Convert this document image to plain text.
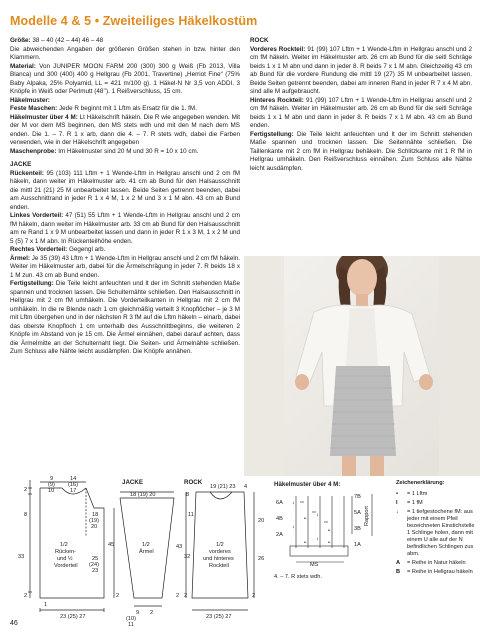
Modelle 4 & 5 • Zweiteiliges Häkelkostüm

Größe: 38 – 40 (42 – 44) 46 – 48

Die abweichenden Angaben der größeren Größen stehen in bzw. hinter den Klammern.

Material: Von JUNIPER MOON FARM 200 (300) 300 g Weiß (Fb 2013, Villa Blanca) und 300 (400) 400 g Hellgrau (Fb 2001, Travertine) „Herriot Fine“ (75% Baby Alpaka, 25% Polyamid, LL = 421 m/100 g). 1 Häkel-N Nr 3,5 von ADDI. 3 Knöpfe in Weiß oder Perlmutt (48’’). 1 Reißverschluss, 15 cm.

Häkelmuster:

Feste Maschen: Jede R beginnt mit 1 Lftm als Ersatz für die 1. fM.

Häkelmuster über 4 M: Lt Häkelschrift häkeln. Die R wie angegeben wenden. Mit der M vor dem MS beginnen, den MS stets wdh und mit den M nach dem MS enden. Die 1. – 7. R 1 x arb, dann die 4. – 7. R stets wdh, dabei die Farben verwenden, wie in der Häkelschrift angegeben

Maschenprobe: Im Häkelmuster sind 20 M und 30 R = 10 x 10 cm.

JACKE

Rückenteil: 95 (103) 111 Lftm + 1 Wende-Lftm in Hellgrau anschl und 2 cm fM häkeln, dann weiter im Häkelmuster arb. 41 cm ab Bund für den Halsausschnitt die mittl 21 (21) 25 M unbearbeitet lassen. Beide Seiten getrennt beenden, dabei am Ausschnittrand in jeder R 1 x 4 M, 1 x 2 M und 3 x 1 M abn. 43 cm ab Bund enden.

Linkes Vorderteil: 47 (51) 55 Lftm + 1 Wende-Lftm in Hellgrau anschl und 2 cm fM häkeln, dann weiter im Häkelmuster arb. 33 cm ab Bund für den Halsausschnitt am re Rand 1 x 9 M unbearbeitet lassen und dann in jeder R 1 x 3 M, 1 x 2 M und 5 (5) 7 x 1 M abn. In Rückenteilhöhe enden.

Rechtes Vorderteil: Gegengl arb.

Ärmel: Je 35 (39) 43 Lftm + 1 Wende-Lftm in Hellgrau anschl und 2 cm fM häkeln. Weiter im Häkelmuster arb, dabei für die Ärmelschrägung in jeder 7. R beids 18 x 1 M zun. 43 cm ab Bund enden.

Fertigstellung: Die Teile leicht anfeuchten und lt der im Schnitt stehenden Maße spannen und trocknen lassen. Die Schulternähte schließen. Den Halsausschnitt in Hellgrau mit 2 cm fM umhäkeln. Die Vorderteilkanten in Hellgrau mit 2 cm fM umhäkeln. In die re Blende nach 1 cm gleichmäßig verteilt 3 Knopflöcher – je 3 M mit Lftm übergehen und in der nächsten R 3 fM auf die Lftm häkeln – einarb, dabei das oberste Knopfloch 1 cm unterhalb des Ausschnittbeginns, die weiteren 2 Knöpfe im Abstand von je 15 cm. Die Ärmel einnähen, dabei darauf achten, dass die Ärmelmitte an der Schulternaht liegt. Die Seiten- und Ärmelnähte schließen. Zum Schluss alle Nähte leicht ausdämpfen. Die Knöpfe annähen.

ROCK

Vorderes Rockteil: 91 (99) 107 Lftm + 1 Wende-Lftm in Hellgrau anschl und 2 cm fM häkeln. Weiter im Häkelmuster arb. 26 cm ab Bund für die seitl Schräge beids 1 x 1 M abn und dann in jeder 8. R beids 7 x 1 M abn. Gleichzeitig 43 cm ab Bund für die vordere Rundung die mittl 19 (27) 35 M unbearbeitet lassen. Beide Seiten getrennt beenden, dabei am inneren Rand in jeder R 7 x 4 M abn. sind alle M aufgebraucht.

Hinteres Rockteil: 91 (99) 107 Lftm + 1 Wende-Lftm in Hellgrau anschl und 2 cm fM häkeln. Weiter im Häkelmuster arb. 26 cm ab Bund für die seitl Schräge beids 1 x 1 M abn und dann in jeder 8. R beids 7 x 1 M abn. 43 cm ab Bund enden.

Fertigstellung: Die Teile leicht anfeuchten und lt der im Schnitt stehenden Maße spannen und trocknen lassen. Die Seitennähte schließen. Die Taillenkante mit 2 cm fM in Hellgrau behäkeln. Die Schlitzkante mit 1 R fM in Hellgrau umhäkeln. Den Reißverschluss einnähen. Zum Schluss alle Nähte leicht ausdämpfen.

9
(9)
10
14
(16)
17
2
8
33
2
23 (25) 27
1
18
(19)
20
1/2
Rücken-
und ½
Vorderteil
25
(24)
23
JACKE
18 (19) 20
45	43
1/2
Ärmel
9
(10)
11
2
2	2
ROCK
8
19 (21) 23 4
11
32
20
26
1/2
vorderes
und hinteres
Rockteil
23 (25) 27
2	2
Häkelmuster über 4 M:
↓
↓
↓
↓
•	•
•
•
6A
4B
2A
7B
5A
3B
1A
Rapport
MS
4. – 7. R stets wdh.
Zeichenerklärung:
•	= 1 Lftm
I	= 1 fM
↓	= 1 tiefgestochene fM: aus jeder mit einem Pfeil bezeichneten Einstichstelle 1 Schlinge holen, dann mit einem U alle auf der N befindlichen Schlingen zus abm.
A	= Reihe in Natur häkeln
B	= Reihe in Hellgrau häkeln
46
